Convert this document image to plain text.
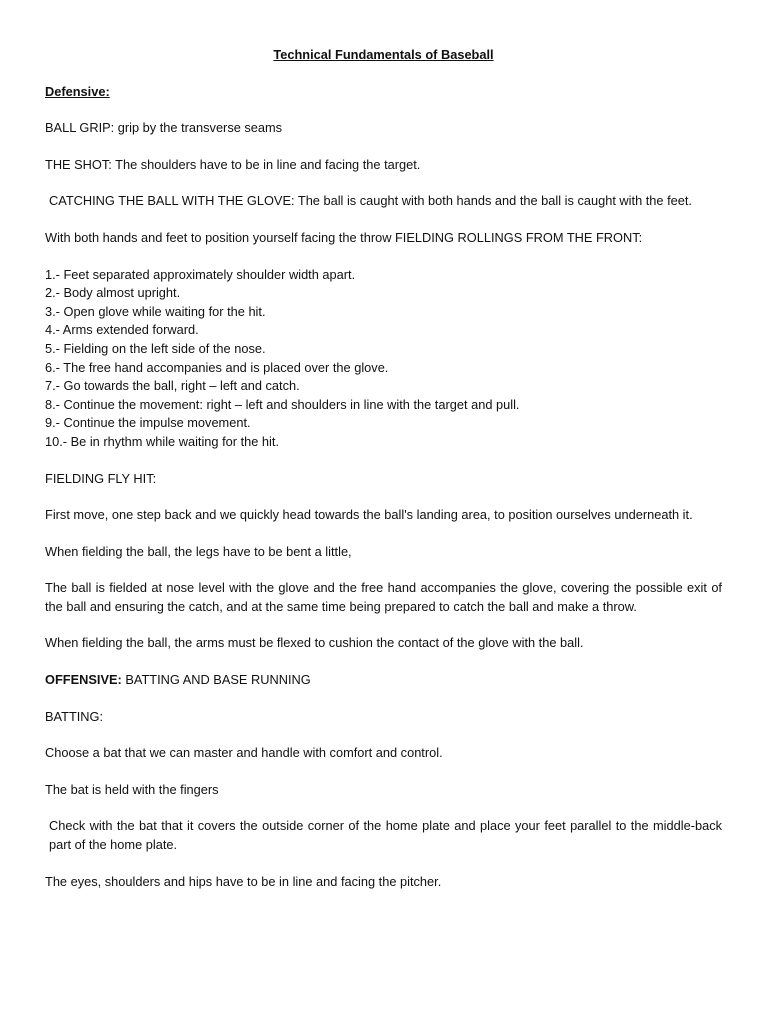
Technical Fundamentals of Baseball
Defensive:

BALL GRIP: grip by the transverse seams

THE SHOT: The shoulders have to be in line and facing the target.

CATCHING THE BALL WITH THE GLOVE: The ball is caught with both hands and the ball is caught with the feet.

With both hands and feet to position yourself facing the throw FIELDING ROLLINGS FROM THE FRONT:

1.- Feet separated approximately shoulder width apart.
2.- Body almost upright.
3.- Open glove while waiting for the hit.
4.- Arms extended forward.
5.- Fielding on the left side of the nose.
6.- The free hand accompanies and is placed over the glove.
7.- Go towards the ball, right – left and catch.
8.- Continue the movement: right – left and shoulders in line with the target and pull.
9.- Continue the impulse movement.
10.- Be in rhythm while waiting for the hit.

FIELDING FLY HIT:

First move, one step back and we quickly head towards the ball's landing area, to position ourselves underneath it.

When fielding the ball, the legs have to be bent a little,

The ball is fielded at nose level with the glove and the free hand accompanies the glove, covering the possible exit of the ball and ensuring the catch, and at the same time being prepared to catch the ball and make a throw.

When fielding the ball, the arms must be flexed to cushion the contact of the glove with the ball.

OFFENSIVE: BATTING AND BASE RUNNING

BATTING:

Choose a bat that we can master and handle with comfort and control.

The bat is held with the fingers

Check with the bat that it covers the outside corner of the home plate and place your feet parallel to the middle-back part of the home plate.

The eyes, shoulders and hips have to be in line and facing the pitcher.
